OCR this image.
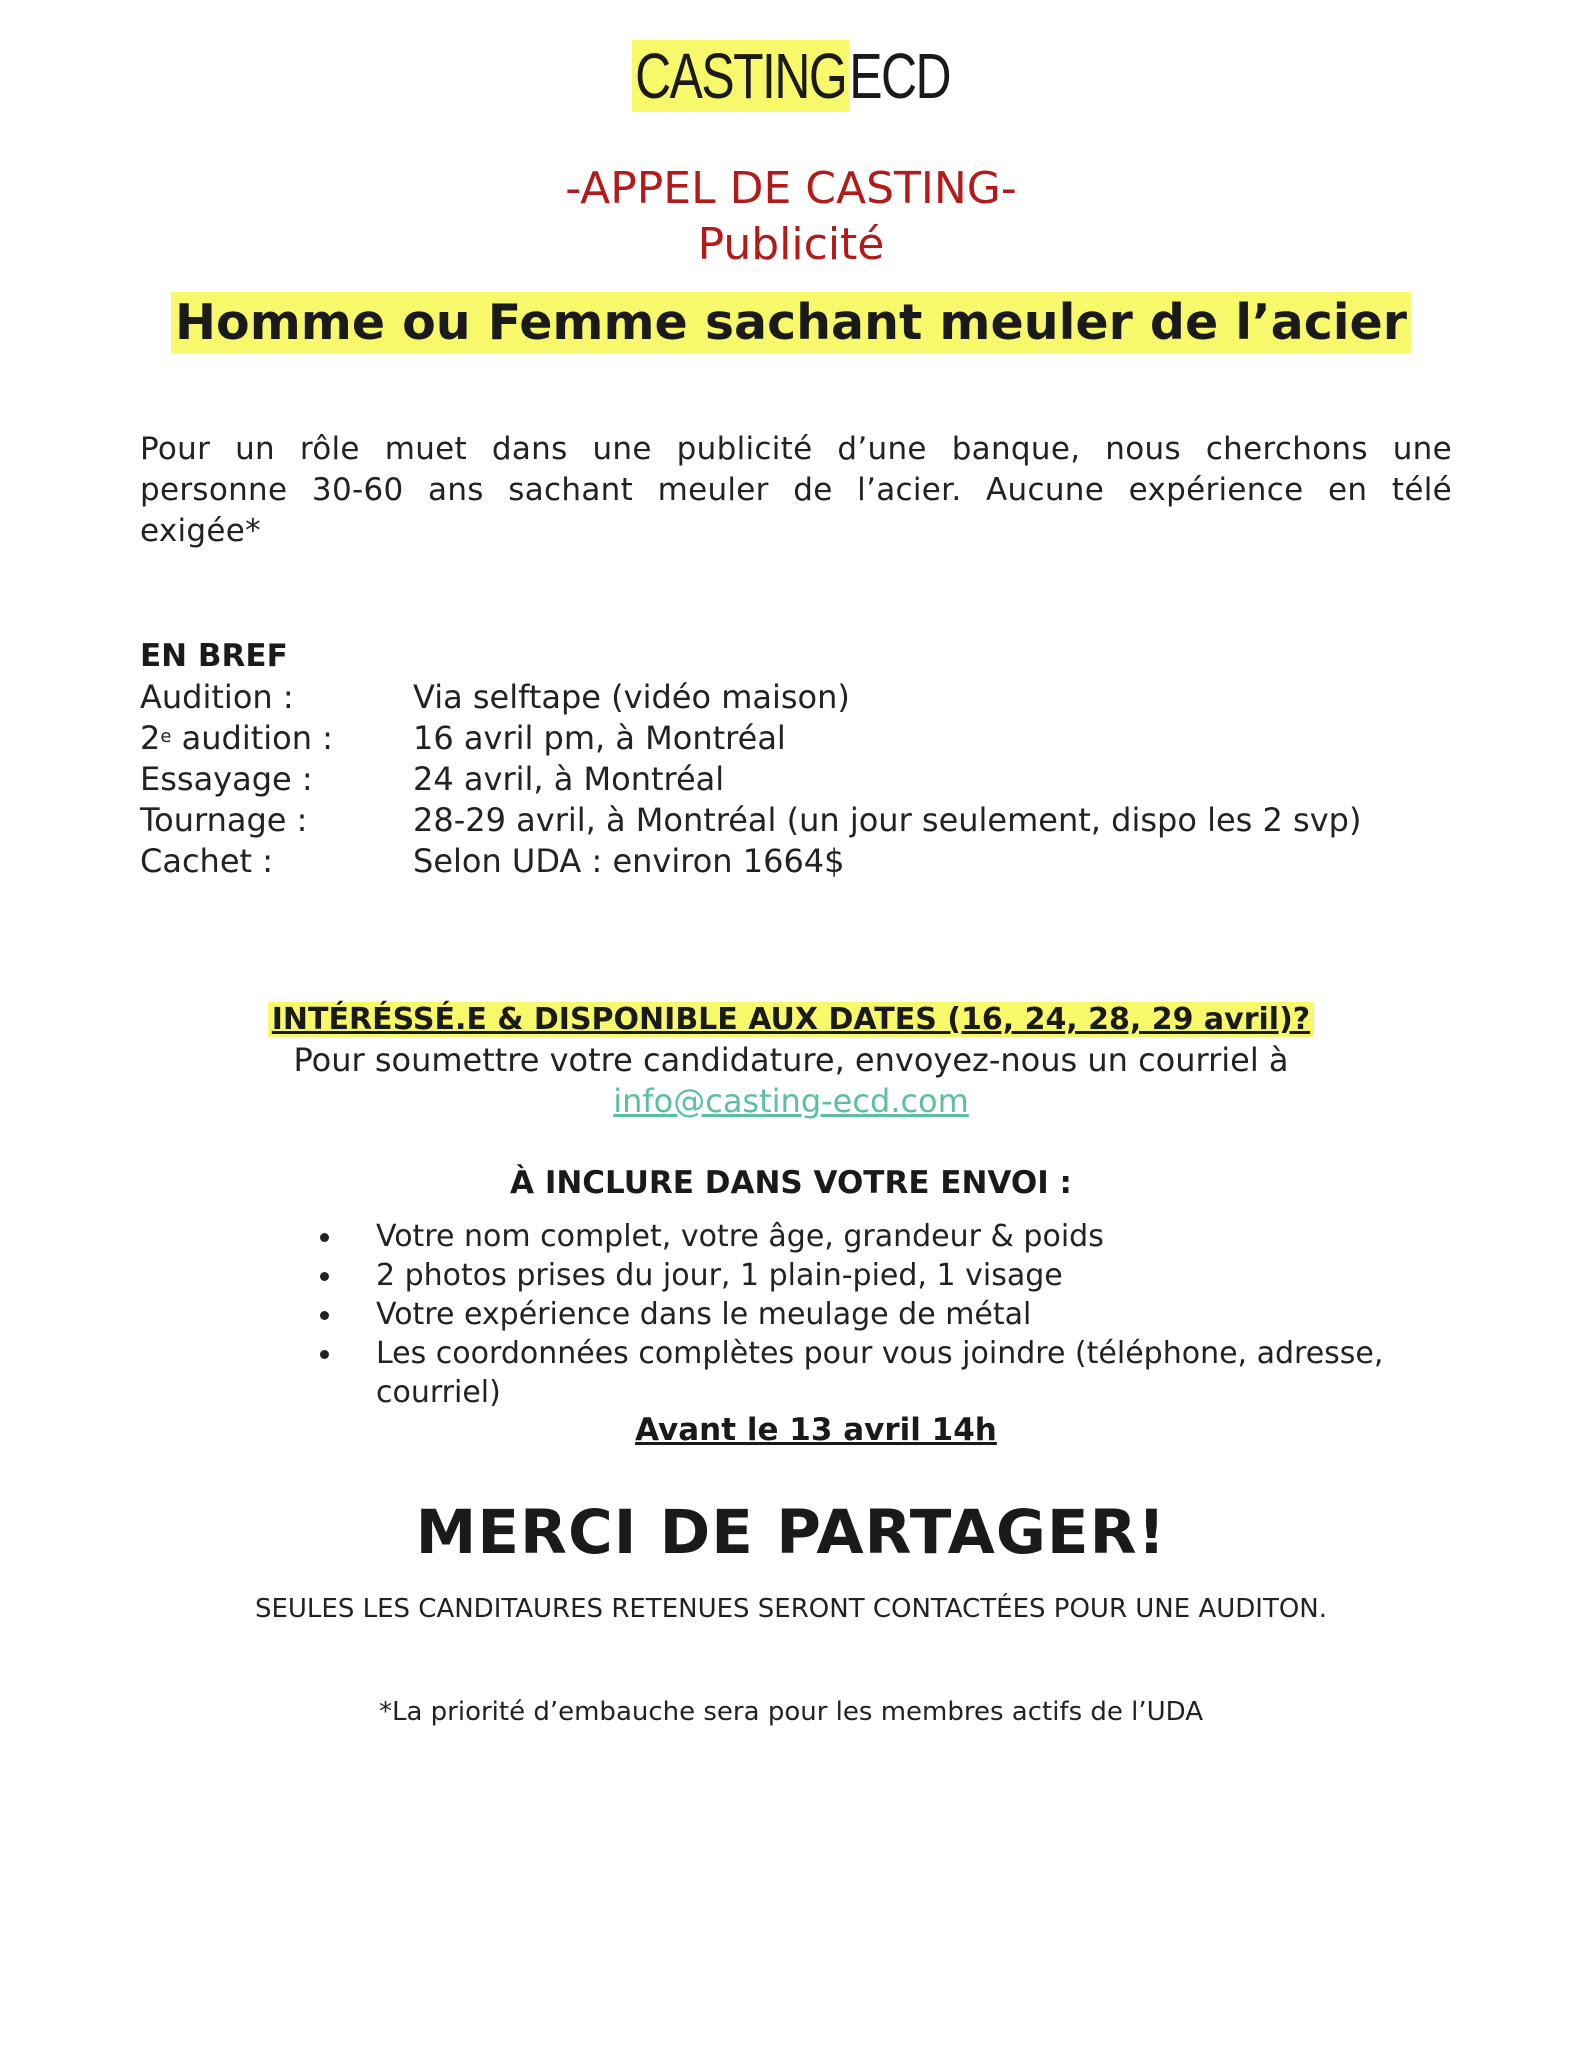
CASTINGECD
-APPEL DE CASTING-
Publicité
Homme ou Femme sachant meuler de l’acier
Pour un rôle muet dans une publicité d’une banque, nous cherchons une personne 30-60 ans sachant meuler de l’acier. Aucune expérience en télé exigée*
EN BREF
Audition :	Via selftape (vidéo maison)
2e audition :	16 avril pm, à Montréal
Essayage :	24 avril, à Montréal
Tournage :	28-29 avril, à Montréal (un jour seulement, dispo les 2 svp)
Cachet :	Selon UDA : environ 1664$
INTÉRÉSSÉ.E & DISPONIBLE AUX DATES (16, 24, 28, 29 avril)?
Pour soumettre votre candidature, envoyez-nous un courriel à
info@casting-ecd.com
À INCLURE DANS VOTRE ENVOI :
Votre nom complet, votre âge, grandeur & poids
2 photos prises du jour, 1 plain-pied, 1 visage
Votre expérience dans le meulage de métal
Les coordonnées complètes pour vous joindre (téléphone, adresse, courriel)
Avant le 13 avril 14h
MERCI DE PARTAGER!
SEULES LES CANDITAURES RETENUES SERONT CONTACTÉES POUR UNE AUDITON.
*La priorité d’embauche sera pour les membres actifs de l’UDA
